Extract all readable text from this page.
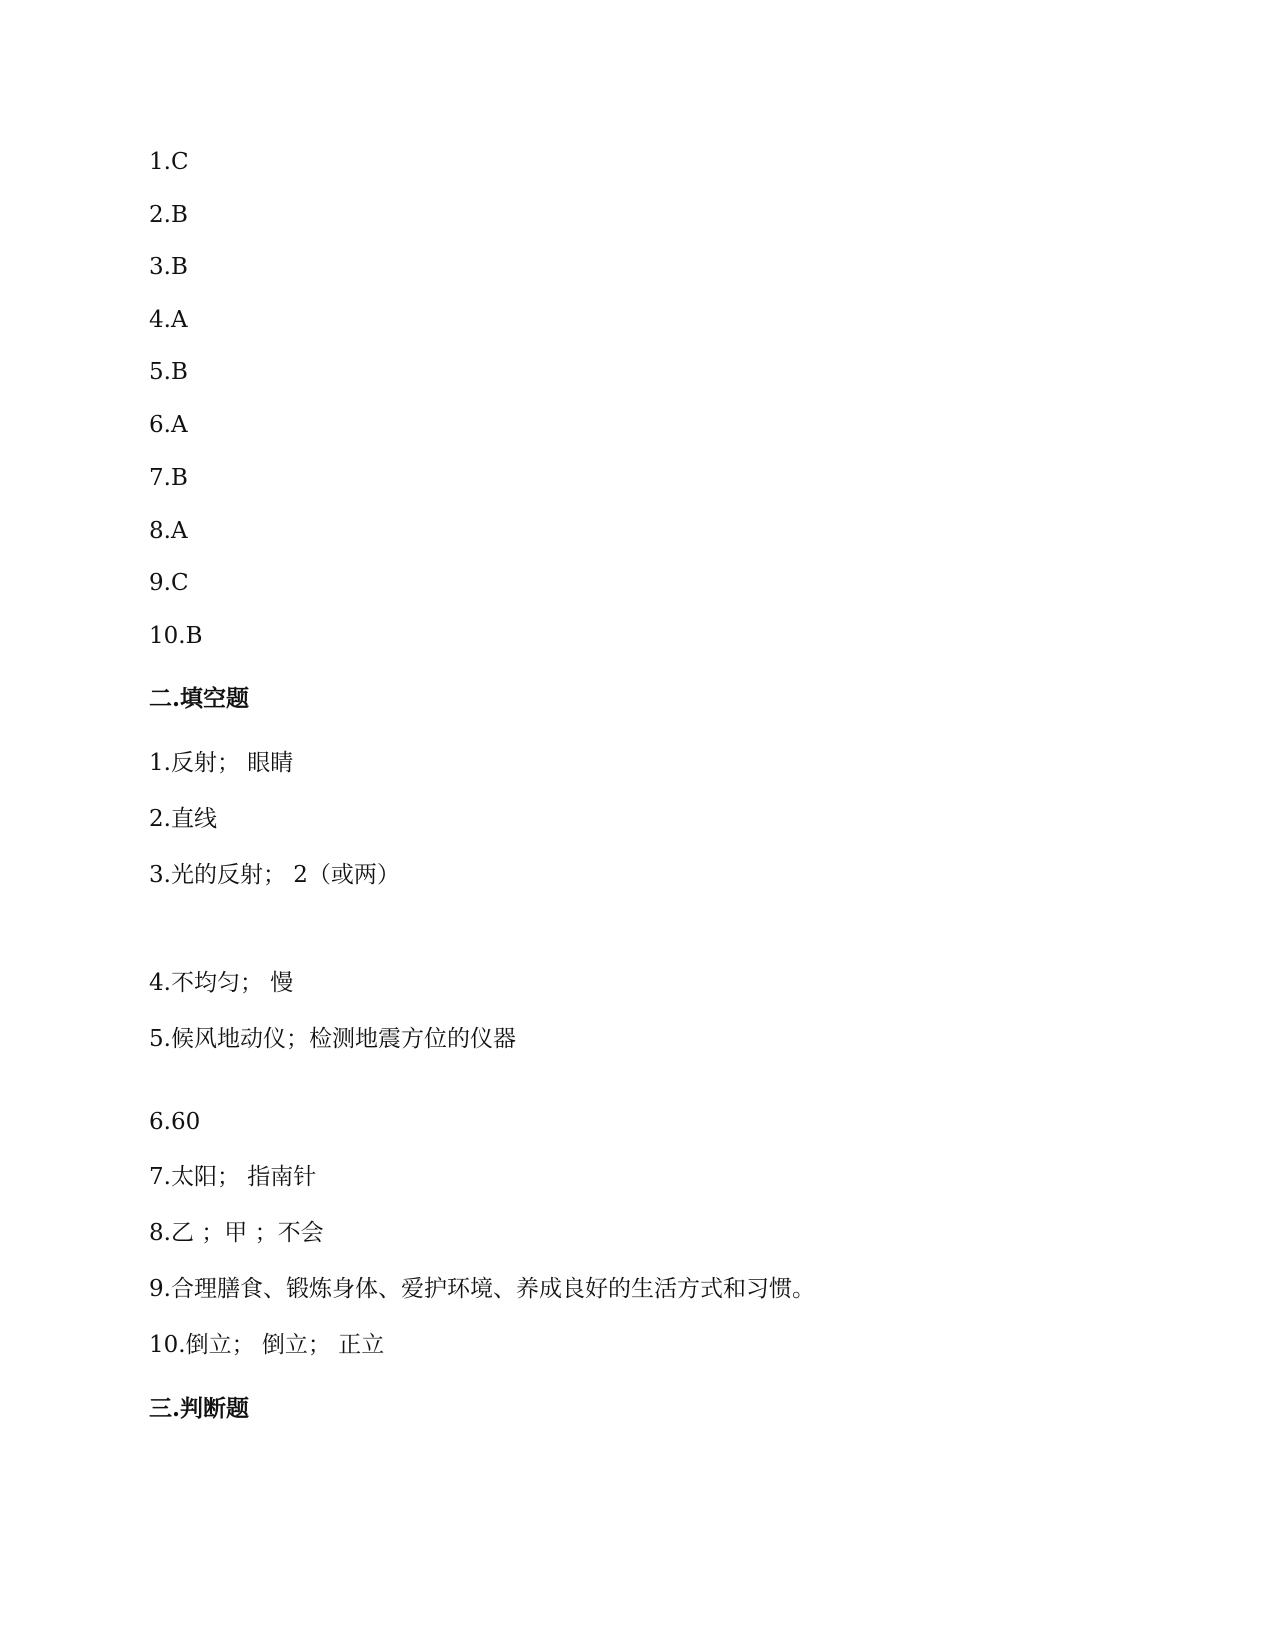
1.C
2.B
3.B
4.A
5.B
6.A
7.B
8.A
9.C
10.B
二.填空题
1.反射； 眼睛
2.直线
3.光的反射； 2（或两）
4.不均匀； 慢
5.候风地动仪；检测地震方位的仪器
6.60
7.太阳； 指南针
8.乙 ；甲 ；不会
9.合理膳食、锻炼身体、爱护环境、养成良好的生活方式和习惯。
10.倒立； 倒立； 正立
三.判断题
